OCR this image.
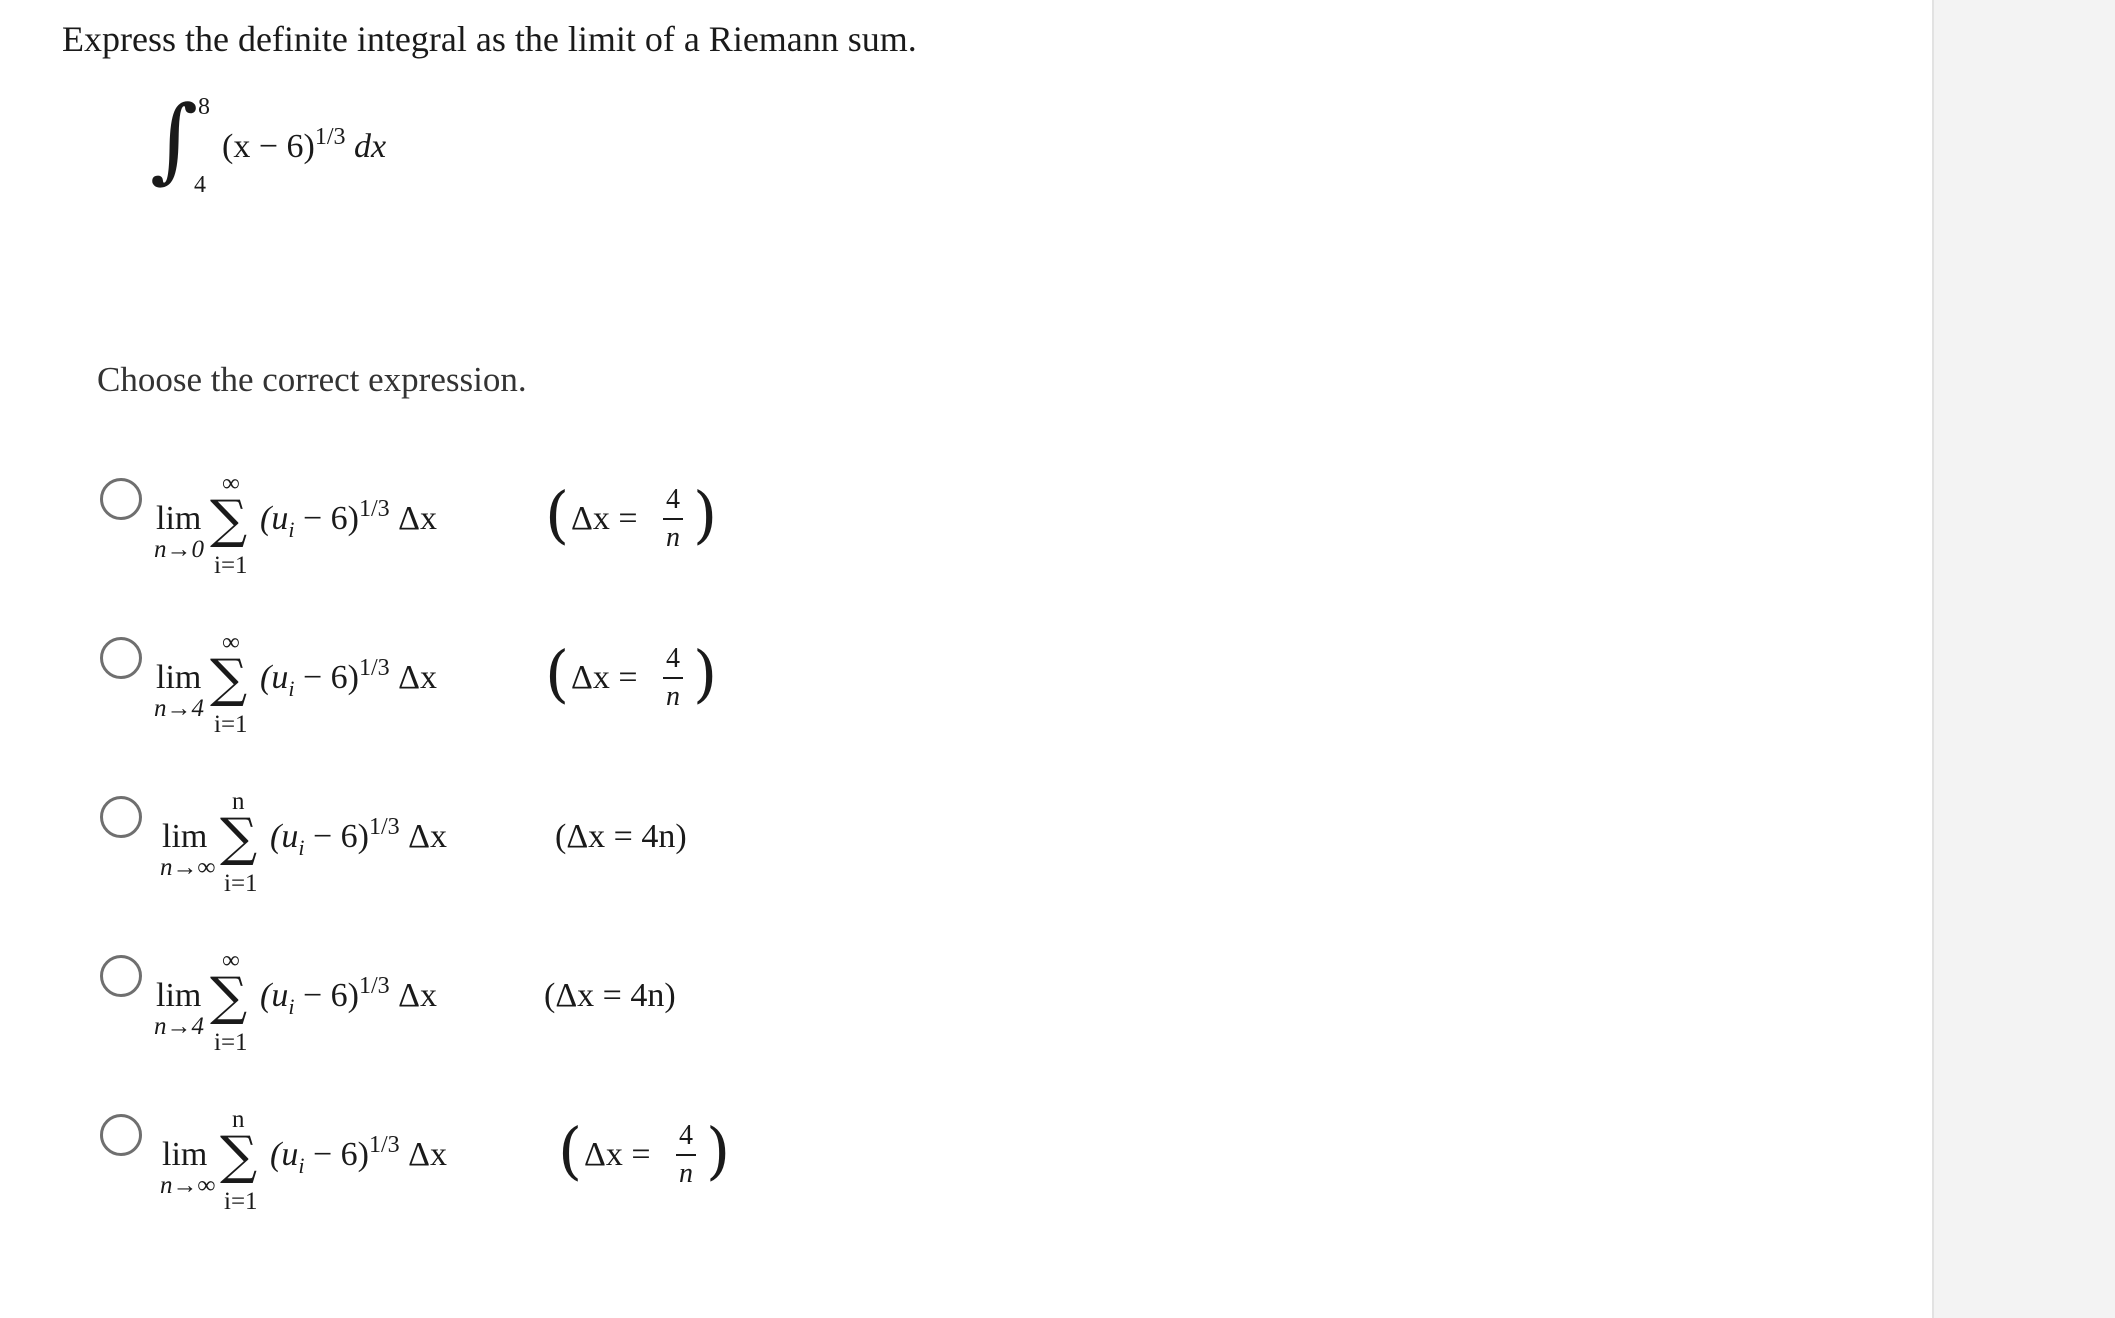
Express the definite integral as the limit of a Riemann sum.
∫ 8
4
$(x - 6)^{1/3}$ dx
Choose the correct expression.
lim
n→0
∞
∑
i=1
$(u_i - 6)^{1/3}$ Δx ( Δx =
4
n )
lim
n→4
∞
∑
i=1
$(u_i - 6)^{1/3}$ Δx ( Δx =
4
n )
lim
n→∞
n
∑
i=1
$(u_i - 6)^{1/3}$ Δx	(Δx = 4n)
lim
n→4
∞
∑
i=1
$(u_i - 6)^{1/3}$ Δx	(Δx = 4n)
lim
n→∞
n
∑
i=1
$(u_i - 6)^{1/3}$ Δx ( Δx =
4
n )
